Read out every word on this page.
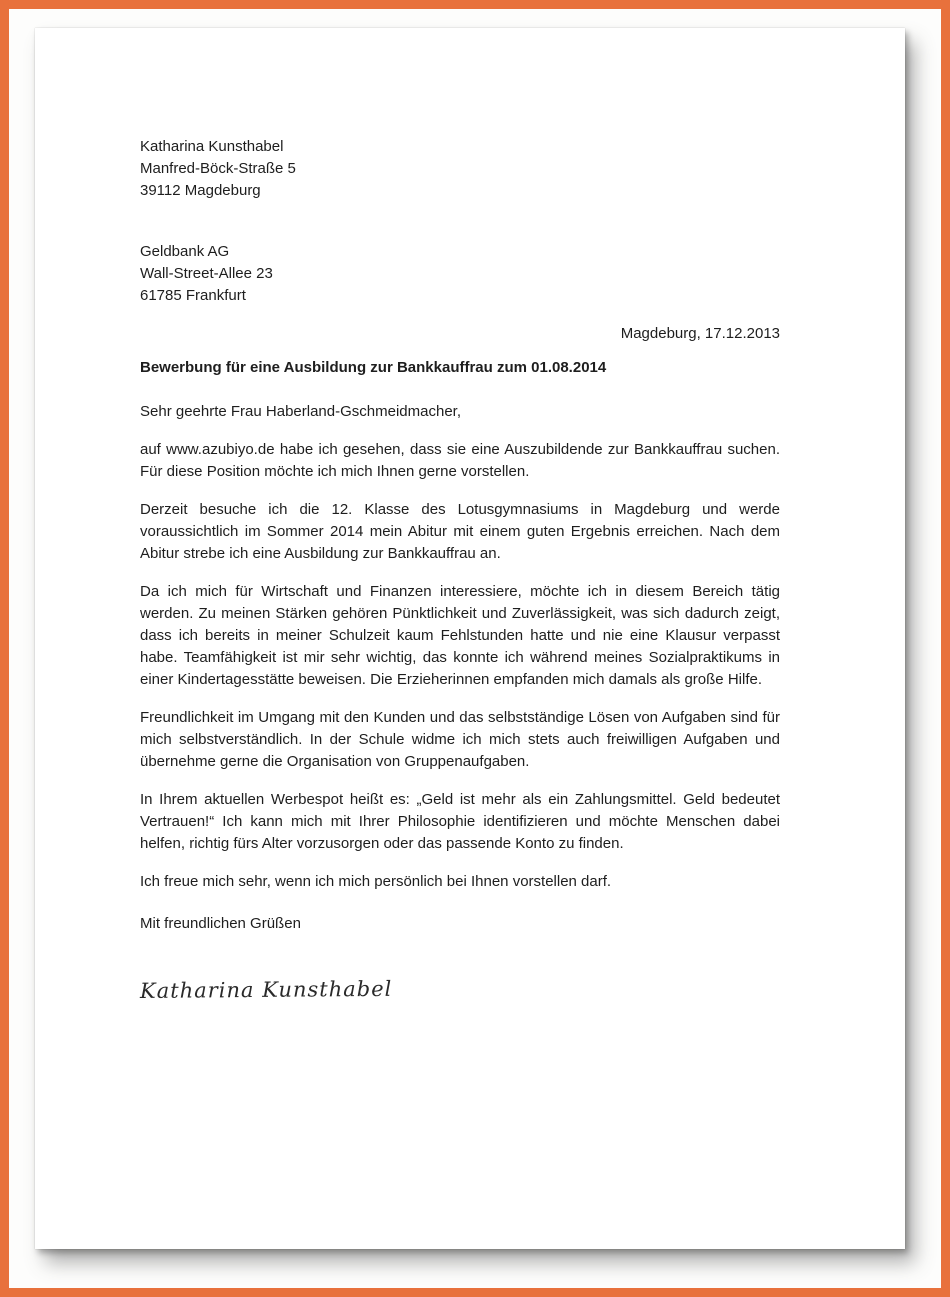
Katharina Kunsthabel
Manfred-Böck-Straße 5
39112 Magdeburg
Geldbank AG
Wall-Street-Allee 23
61785 Frankfurt
Magdeburg, 17.12.2013
Bewerbung für eine Ausbildung zur Bankkauffrau zum 01.08.2014

Sehr geehrte Frau Haberland-Gschmeidmacher,

auf www.azubiyo.de habe ich gesehen, dass sie eine Auszubildende zur Bankkauffrau suchen. Für diese Position möchte ich mich Ihnen gerne vorstellen.

Derzeit besuche ich die 12. Klasse des Lotusgymnasiums in Magdeburg und werde voraussichtlich im Sommer 2014 mein Abitur mit einem guten Ergebnis erreichen. Nach dem Abitur strebe ich eine Ausbildung zur Bankkauffrau an.

Da ich mich für Wirtschaft und Finanzen interessiere, möchte ich in diesem Bereich tätig werden. Zu meinen Stärken gehören Pünktlichkeit und Zuverlässigkeit, was sich dadurch zeigt, dass ich bereits in meiner Schulzeit kaum Fehlstunden hatte und nie eine Klausur verpasst habe. Teamfähigkeit ist mir sehr wichtig, das konnte ich während meines Sozialpraktikums in einer Kindertagesstätte beweisen. Die Erzieherinnen empfanden mich damals als große Hilfe.

Freundlichkeit im Umgang mit den Kunden und das selbstständige Lösen von Aufgaben sind für mich selbstverständlich. In der Schule widme ich mich stets auch freiwilligen Aufgaben und übernehme gerne die Organisation von Gruppenaufgaben.

In Ihrem aktuellen Werbespot heißt es: „Geld ist mehr als ein Zahlungsmittel. Geld bedeutet Vertrauen!“ Ich kann mich mit Ihrer Philosophie identifizieren und möchte Menschen dabei helfen, richtig fürs Alter vorzusorgen oder das passende Konto zu finden.

Ich freue mich sehr, wenn ich mich persönlich bei Ihnen vorstellen darf.

Mit freundlichen Grüßen
Katharina Kunsthabel
